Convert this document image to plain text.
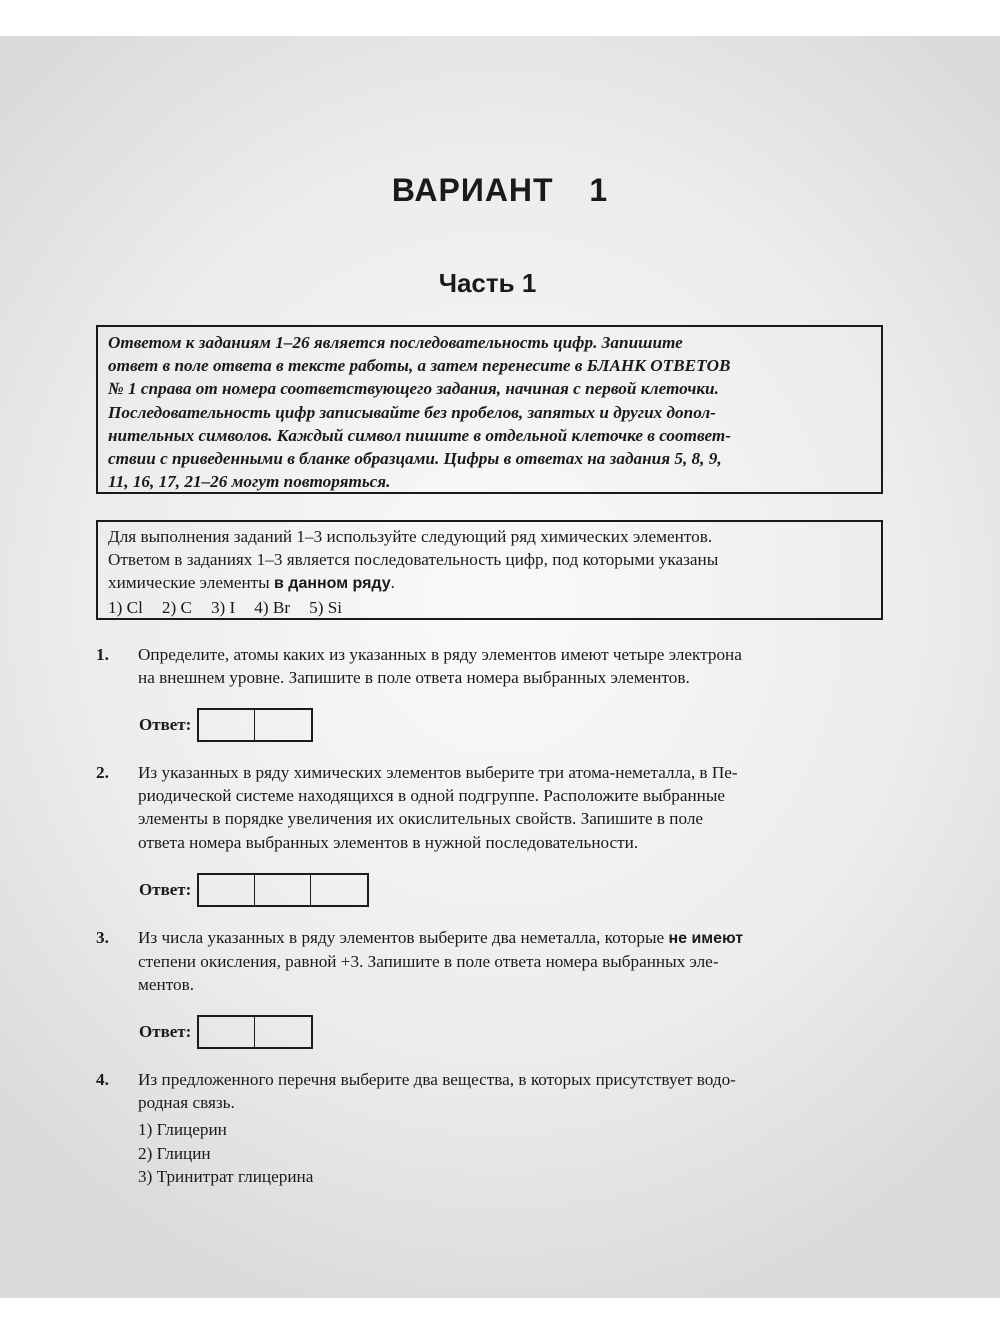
ВАРИАНТ  1
Часть 1

Ответом к заданиям 1–26 является последовательность цифр. Запишите

ответ в поле ответа в тексте работы, а затем перенесите в БЛАНК ОТВЕТОВ

№ 1 справа от номера соответствующего задания, начиная с первой клеточки.

Последовательность цифр записывайте без пробелов, запятых и других допол-

нительных символов. Каждый символ пишите в отдельной клеточке в соответ-

ствии с приведенными в бланке образцами. Цифры в ответах на задания 5, 8, 9,

11, 16, 17, 21–26 могут повторяться.

Для выполнения заданий 1–3 используйте следующий ряд химических элементов.

Ответом в заданиях 1–3 является последовательность цифр, под которыми указаны

химические элементы в данном ряду.

1) Cl 2) C 3) I 4) Br 5) Si
1. Определите, атомы каких из указанных в ряду элементов имеют четыре электрона

на внешнем уровне. Запишите в поле ответа номера выбранных элементов.

Ответ:
2. Из указанных в ряду химических элементов выберите три атома-неметалла, в Пе-

риодической системе находящихся в одной подгруппе. Расположите выбранные

элементы в порядке увеличения их окислительных свойств. Запишите в поле

ответа номера выбранных элементов в нужной последовательности.

Ответ:
3. Из числа указанных в ряду элементов выберите два неметалла, которые не имеют

степени окисления, равной +3. Запишите в поле ответа номера выбранных эле-

ментов.

Ответ:
4. Из предложенного перечня выберите два вещества, в которых присутствует водо-

родная связь.

1) Глицерин
2) Глицин
3) Тринитрат глицерина
